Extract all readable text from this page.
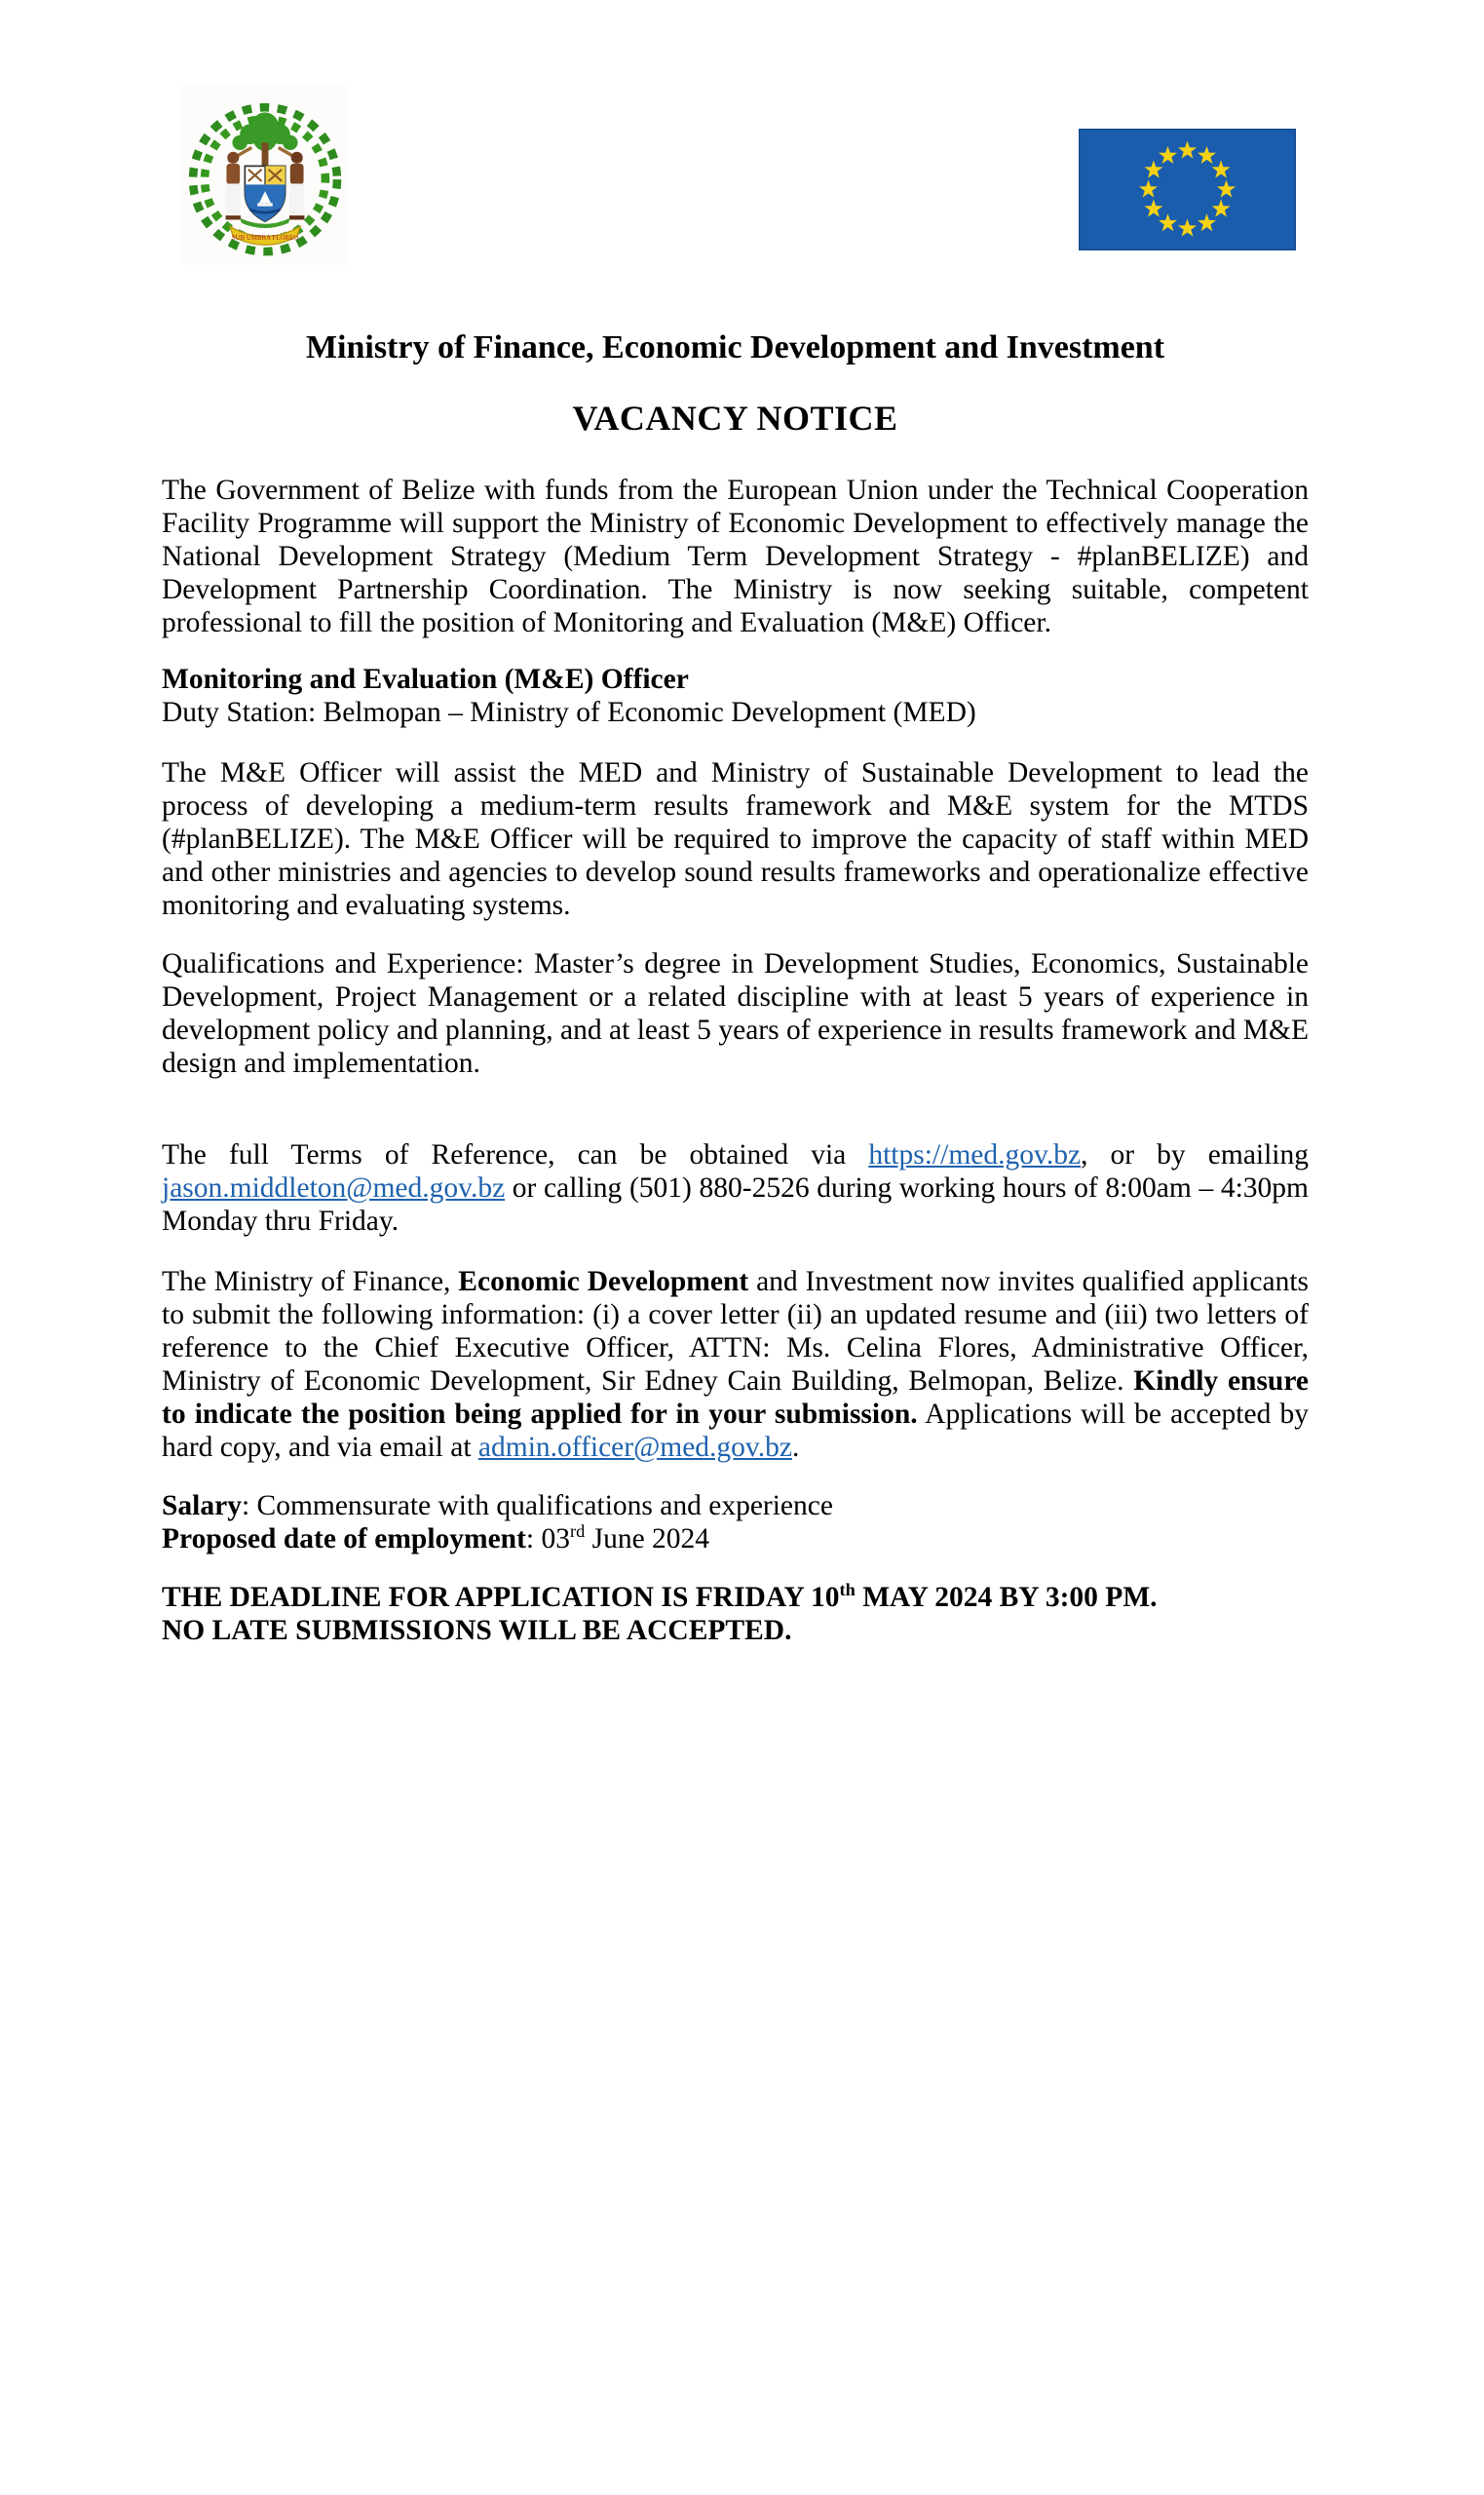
SUB UMBRA FLOREO
Ministry of Finance, Economic Development and Investment
VACANCY NOTICE

The Government of Belize with funds from the European Union under the Technical Cooperation Facility Programme will support the Ministry of Economic Development to effectively manage the National Development Strategy (Medium Term Development Strategy - #planBELIZE) and Development Partnership Coordination. The Ministry is now seeking suitable, competent professional to fill the position of Monitoring and Evaluation (M&E) Officer.

Monitoring and Evaluation (M&E) Officer

Duty Station: Belmopan – Ministry of Economic Development (MED)

The M&E Officer will assist the MED and Ministry of Sustainable Development to lead the process of developing a medium-term results framework and M&E system for the MTDS (#planBELIZE). The M&E Officer will be required to improve the capacity of staff within MED and other ministries and agencies to develop sound results frameworks and operationalize effective monitoring and evaluating systems.

Qualifications and Experience: Master’s degree in Development Studies, Economics, Sustainable Development, Project Management or a related discipline with at least 5 years of experience in development policy and planning, and at least 5 years of experience in results framework and M&E design and implementation.

The full Terms of Reference, can be obtained via https://med.gov.bz, or by emailing jason.middleton@med.gov.bz or calling (501) 880-2526 during working hours of 8:00am – 4:30pm Monday thru Friday.

The Ministry of Finance, Economic Development and Investment now invites qualified applicants to submit the following information: (i) a cover letter (ii) an updated resume and (iii) two letters of reference to the Chief Executive Officer, ATTN: Ms. Celina Flores, Administrative Officer, Ministry of Economic Development, Sir Edney Cain Building, Belmopan, Belize. Kindly ensure to indicate the position being applied for in your submission. Applications will be accepted by hard copy, and via email at admin.officer@med.gov.bz.

Salary: Commensurate with qualifications and experience

Proposed date of employment: 03rd June 2024

THE DEADLINE FOR APPLICATION IS FRIDAY 10th MAY 2024 BY 3:00 PM.

NO LATE SUBMISSIONS WILL BE ACCEPTED.
